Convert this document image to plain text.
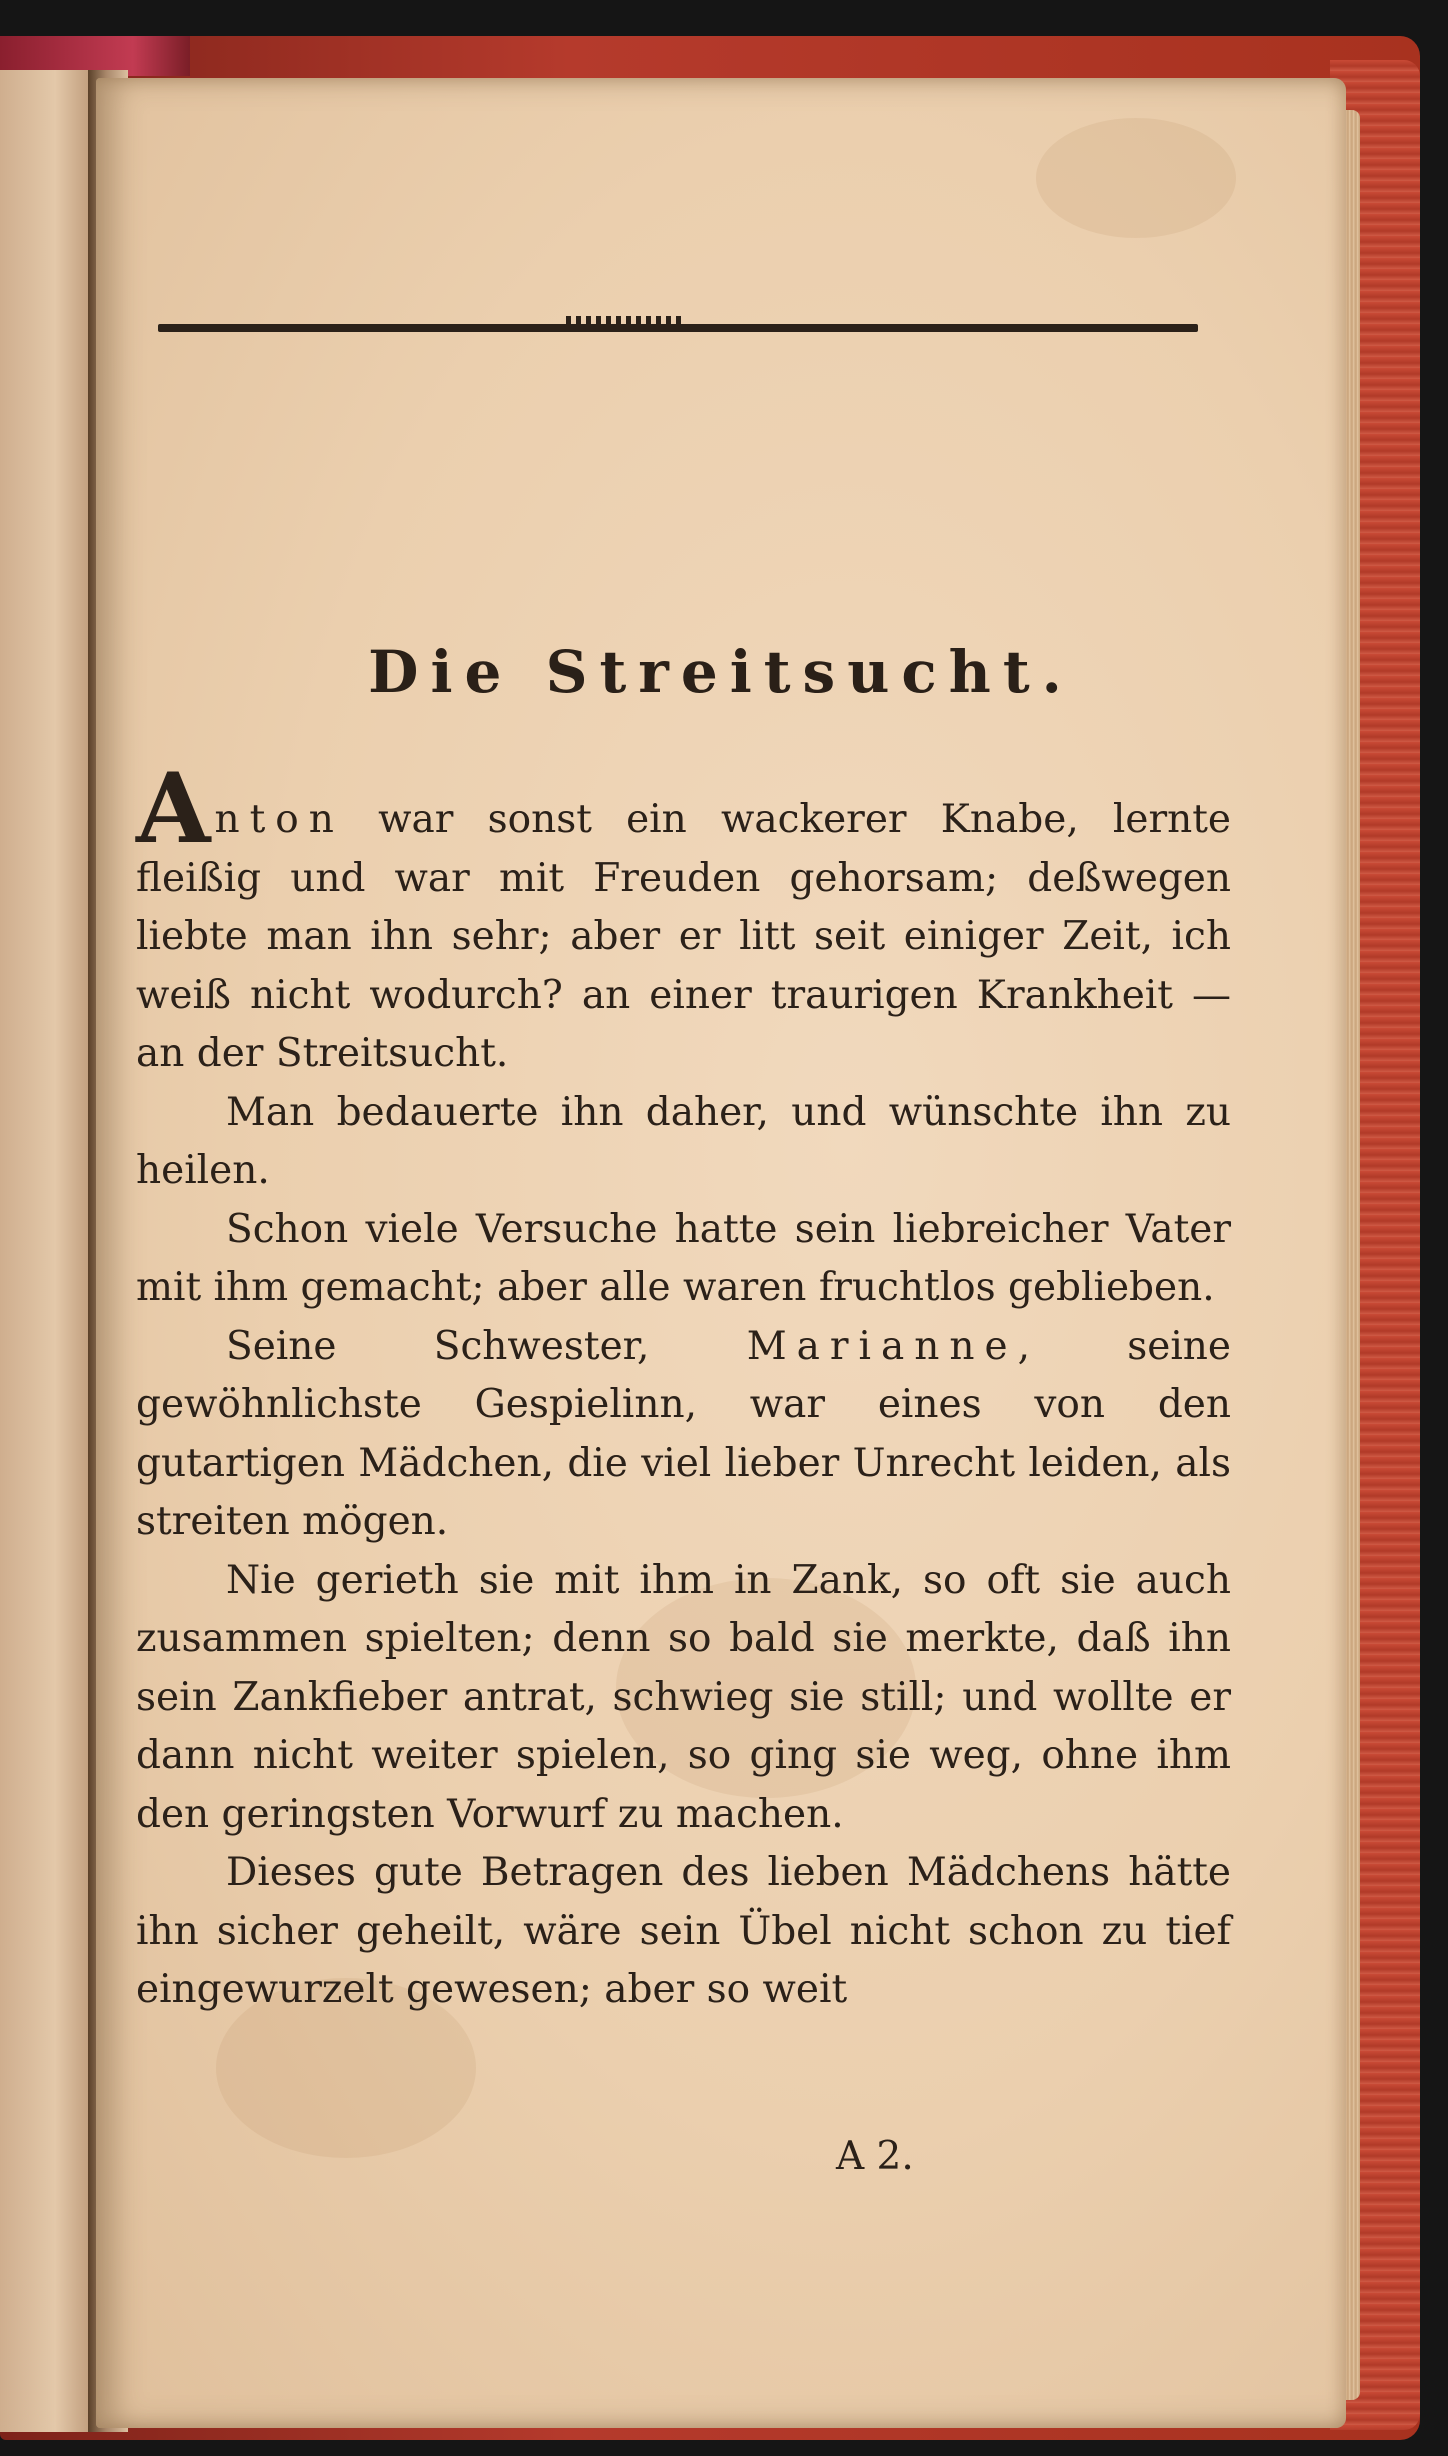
Die Streitsucht.

Anton war sonst ein wackerer Knabe, lernte fleißig und war mit Freuden gehorsam; deßwegen liebte man ihn sehr; aber er litt seit einiger Zeit, ich weiß nicht wodurch? an einer traurigen Krankheit — an der Streitsucht.

Man bedauerte ihn daher, und wünschte ihn zu heilen.

Schon viele Versuche hatte sein liebreicher Vater mit ihm gemacht; aber alle waren fruchtlos geblieben.

Seine Schwester, Marianne, seine gewöhnlichste Gespielinn, war eines von den gutartigen Mädchen, die viel lieber Unrecht leiden, als streiten mögen.

Nie gerieth sie mit ihm in Zank, so oft sie auch zusammen spielten; denn so bald sie merkte, daß ihn sein Zankfieber antrat, schwieg sie still; und wollte er dann nicht weiter spielen, so ging sie weg, ohne ihm den geringsten Vorwurf zu machen.

Dieses gute Betragen des lieben Mädchens hätte ihn sicher geheilt, wäre sein Übel nicht schon zu tief eingewurzelt gewesen; aber so weit

A 2.
